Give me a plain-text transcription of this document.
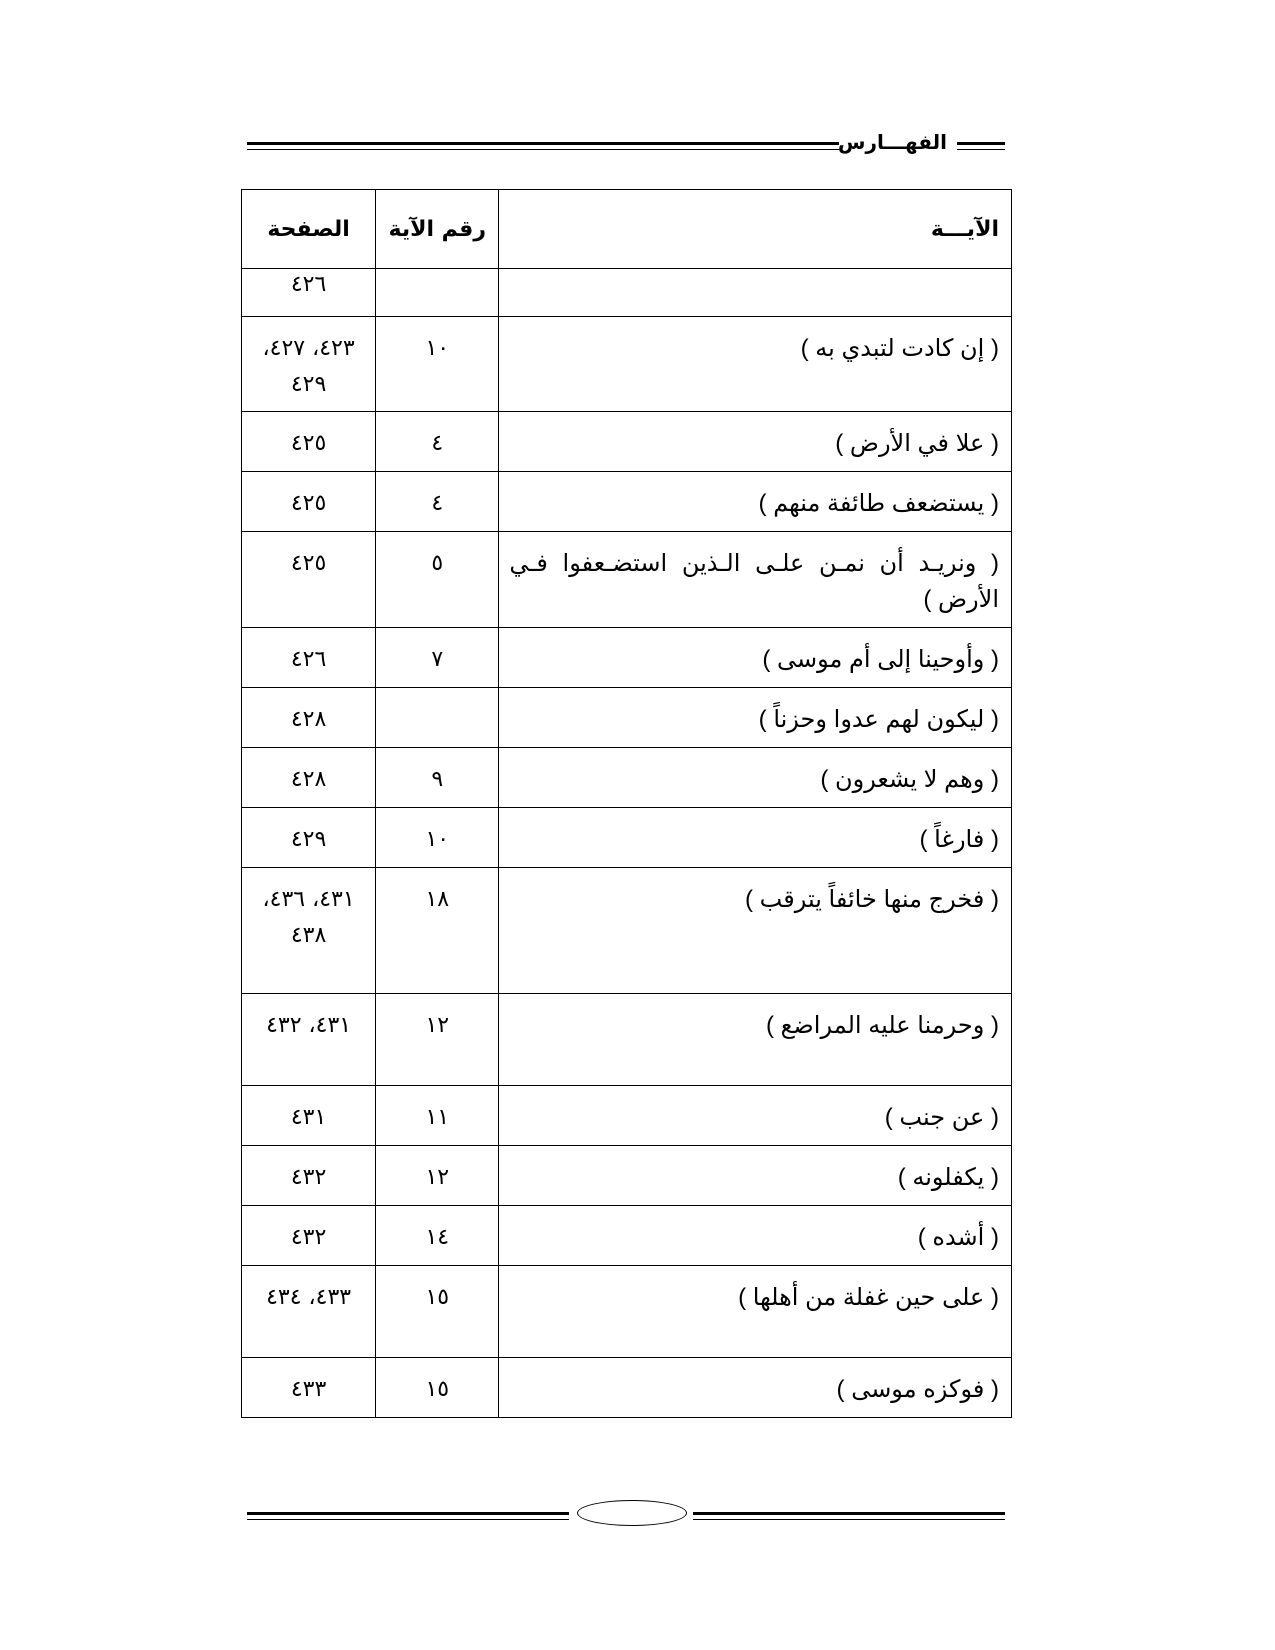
الفهـــارس
الآيـــة	رقم الآية	الصفحة
		٤٢٦
( إن كادت لتبدي به )	١٠	٤٢٣، ٤٢٧، ٤٢٩
( علا في الأرض )	٤	٤٢٥
( يستضعف طائفة منهم )	٤	٤٢٥
( ونريـد أن نمـن علـى الـذين استضـعفوا فـي الأرض )	٥	٤٢٥
( وأوحينا إلى أم موسى )	٧	٤٢٦
( ليكون لهم عدوا وحزناً )		٤٢٨
( وهم لا يشعرون )	٩	٤٢٨
( فارغاً )	١٠	٤٢٩
( فخرج منها خائفاً يترقب )	١٨	٤٣١، ٤٣٦، ٤٣٨
( وحرمنا عليه المراضع )	١٢	٤٣١، ٤٣٢
( عن جنب )	١١	٤٣١
( يكفلونه )	١٢	٤٣٢
( أشده )	١٤	٤٣٢
( على حين غفلة من أهلها )	١٥	٤٣٣، ٤٣٤
( فوكزه موسى )	١٥	٤٣٣
